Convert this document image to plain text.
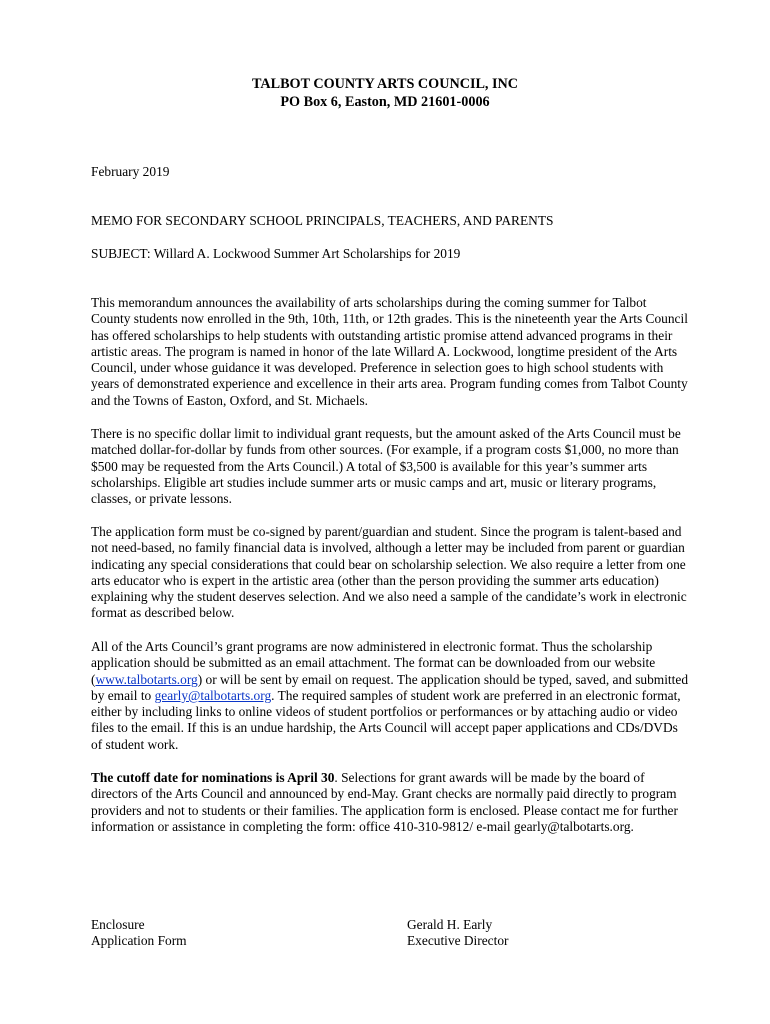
TALBOT COUNTY ARTS COUNCIL, INC
PO Box 6, Easton, MD 21601-0006
February 2019
MEMO FOR SECONDARY SCHOOL PRINCIPALS, TEACHERS, AND PARENTS
SUBJECT: Willard A. Lockwood Summer Art Scholarships for 2019

This memorandum announces the availability of arts scholarships during the coming summer for Talbot County students now enrolled in the 9th, 10th, 11th, or 12th grades. This is the nineteenth year the Arts Council has offered scholarships to help students with outstanding artistic promise attend advanced programs in their artistic areas. The program is named in honor of the late Willard A. Lockwood, longtime president of the Arts Council, under whose guidance it was developed. Preference in selection goes to high school students with years of demonstrated experience and excellence in their arts area. Program funding comes from Talbot County and the Towns of Easton, Oxford, and St. Michaels.

There is no specific dollar limit to individual grant requests, but the amount asked of the Arts Council must be matched dollar-for-dollar by funds from other sources. (For example, if a program costs $1,000, no more than $500 may be requested from the Arts Council.) A total of $3,500 is available for this year’s summer arts scholarships. Eligible art studies include summer arts or music camps and art, music or literary programs, classes, or private lessons.

The application form must be co-signed by parent/guardian and student. Since the program is talent-based and not need-based, no family financial data is involved, although a letter may be included from parent or guardian indicating any special considerations that could bear on scholarship selection. We also require a letter from one arts educator who is expert in the artistic area (other than the person providing the summer arts education) explaining why the student deserves selection. And we also need a sample of the candidate’s work in electronic format as described below.

All of the Arts Council’s grant programs are now administered in electronic format. Thus the scholarship application should be submitted as an email attachment. The format can be downloaded from our website (www.talbotarts.org) or will be sent by email on request. The application should be typed, saved, and submitted by email to gearly@talbotarts.org. The required samples of student work are preferred in an electronic format, either by including links to online videos of student portfolios or performances or by attaching audio or video files to the email. If this is an undue hardship, the Arts Council will accept paper applications and CDs/DVDs of student work.

The cutoff date for nominations is April 30. Selections for grant awards will be made by the board of directors of the Arts Council and announced by end-May. Grant checks are normally paid directly to program providers and not to students or their families. The application form is enclosed. Please contact me for further information or assistance in completing the form: office 410-310-9812/ e-mail gearly@talbotarts.org.

Enclosure
Application Form
Gerald H. Early
Executive Director
